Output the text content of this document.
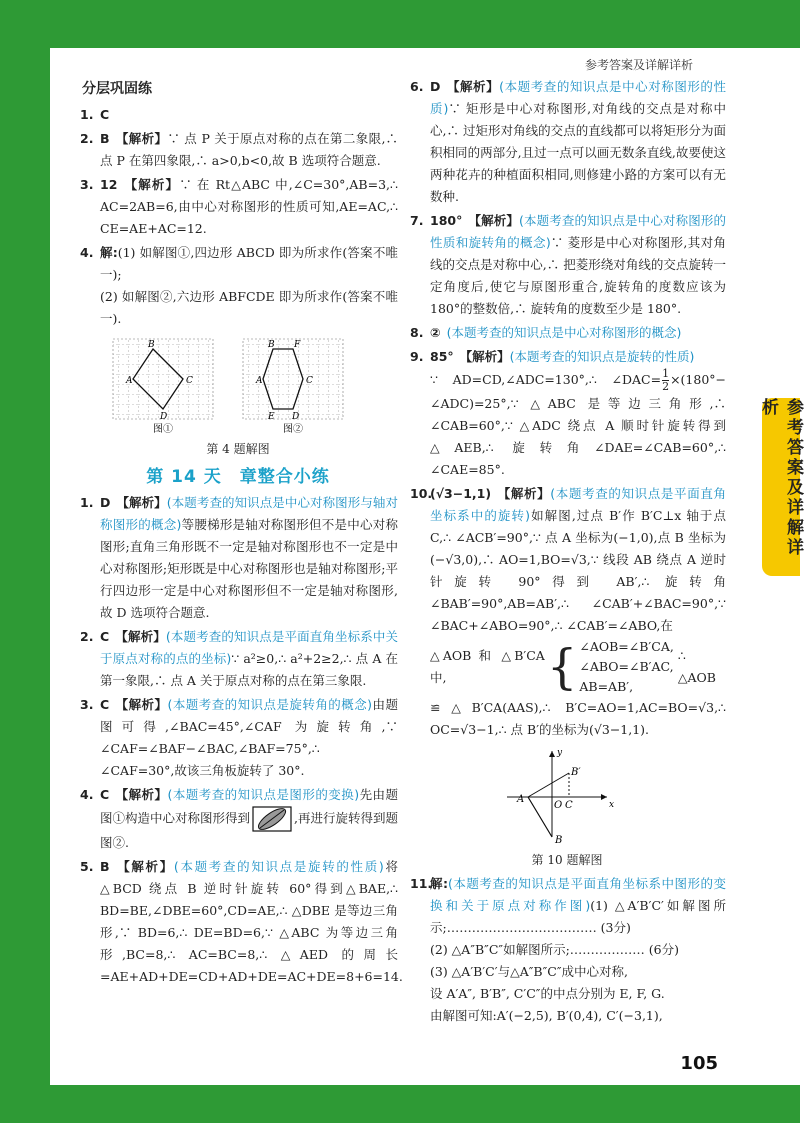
参考答案及详解详析
参考答案及详解详析
105
分层巩固练
1. C
2. B 【解析】∵ 点 P 关于原点对称的点在第二象限,∴ 点 P 在第四象限,∴ a>0,b<0,故 B 选项符合题意.
3. 12 【解析】∵ 在 Rt△ABC 中,∠C=30°,AB=3,∴ AC=2AB=6,由中心对称图形的性质可知,AE=AC,∴ CE=AE+AC=12.
4. 解:(1) 如解图①,四边形 ABCD 即为所求作(答案不唯一);
(2) 如解图②,六边形 ABFCDE 即为所求作(答案不唯一).
B
A	C
D
B F
A	C
E D
图①	图②
第 4 题解图
第 14 天　章整合小练
1. D 【解析】(本题考查的知识点是中心对称图形与轴对称图形的概念)等腰梯形是轴对称图形但不是中心对称图形;直角三角形既不一定是轴对称图形也不一定是中心对称图形;矩形既是中心对称图形也是轴对称图形;平行四边形一定是中心对称图形但不一定是轴对称图形,故 D 选项符合题意.
2. C 【解析】(本题考查的知识点是平面直角坐标系中关于原点对称的点的坐标)∵ a²≥0,∴ a²+2≥2,∴ 点 A 在第一象限,∴ 点 A 关于原点对称的点在第三象限.
3. C 【解析】(本题考查的知识点是旋转角的概念)由题图可得,∠BAC=45°,∠CAF 为旋转角,∵ ∠CAF=∠BAF−∠BAC,∠BAF=75°,∴ ∠CAF=30°,故该三角板旋转了 30°.
4. C 【解析】(本题考查的知识点是图形的变换)先由题图①构造中心对称图形得到	,再进行旋转得到题图②.
5. B 【解析】(本题考查的知识点是旋转的性质)将△BCD 绕点 B 逆时针旋转 60°得到△BAE,∴ BD=BE,∠DBE=60°,CD=AE,∴ △DBE 是等边三角形,∵ BD=6,∴ DE=BD=6,∵ △ABC 为等边三角形,BC=8,∴ AC=BC=8,∴ △AED 的周长=AE+AD+DE=CD+AD+DE=AC+DE=8+6=14.
6. D 【解析】(本题考查的知识点是中心对称图形的性质)∵ 矩形是中心对称图形,对角线的交点是对称中心,∴ 过矩形对角线的交点的直线都可以将矩形分为面积相同的两部分,且过一点可以画无数条直线,故要使这两种花卉的种植面积相同,则修建小路的方案可以有无数种.
7. 180° 【解析】(本题考查的知识点是中心对称图形的性质和旋转角的概念)∵ 菱形是中心对称图形,其对角线的交点是对称中心,∴ 把菱形绕对角线的交点旋转一定角度后,使它与原图形重合,旋转角的度数应该为 180°的整数倍,∴ 旋转角的度数至少是 180°.
8. ② (本题考查的知识点是中心对称图形的概念)
9. 85° 【解析】(本题考查的知识点是旋转的性质)
∵ AD=CD,∠ADC=130°,∴ ∠DAC= $\frac{1}{2} \times(180^\circ-$ ∠ADC)=25°,∵ △ABC 是等边三角形,∴ ∠CAB=60°,∵ △ADC 绕点 A 顺时针旋转得到△AEB,∴ 旋转角∠DAE=∠CAB=60°,∴ ∠CAE=85°.
10.
(√3−1,1) 【解析】(本题考查的知识点是平面直角坐标系中的旋转)如解图,过点 B′作 B′C⊥x 轴于点 C,∴ ∠ACB′=90°,∵ 点 A 坐标为(−1,0),点 B 坐标为(−√3,0),∴ AO=1,BO=√3,∵ 线段 AB 绕点 A 逆时针旋转 90°得到 AB′,∴ 旋转角∠BAB′=90°,AB=AB′,∴ ∠CAB′+∠BAC=90°,∵ ∠BAC+∠ABO=90°,∴ ∠CAB′=∠ABO,在
△AOB 和 △B′CA 中,	{ ∠AOB=∠B′CA,
∠ABO=∠B′AC,
AB=AB′,
∴ △AOB
≌△B′CA(AAS),∴ B′C=AO=1,AC=BO=√3,∴ OC=√3−1,∴ 点 B′的坐标为(√3−1,1).
y
x
B′
A
O C
B
第 10 题解图
11.
解:(本题考查的知识点是平面直角坐标系中图形的变换和关于原点对称作图)(1) △A′B′C′如解图所示;……………………………… (3分)
(2) △A″B″C″如解图所示;……………… (6分)
(3) △A′B′C′与△A″B″C″成中心对称,
设 A′A″, B′B″, C′C″的中点分别为 E, F, G.
由解图可知:A′(−2,5), B′(0,4), C′(−3,1),
